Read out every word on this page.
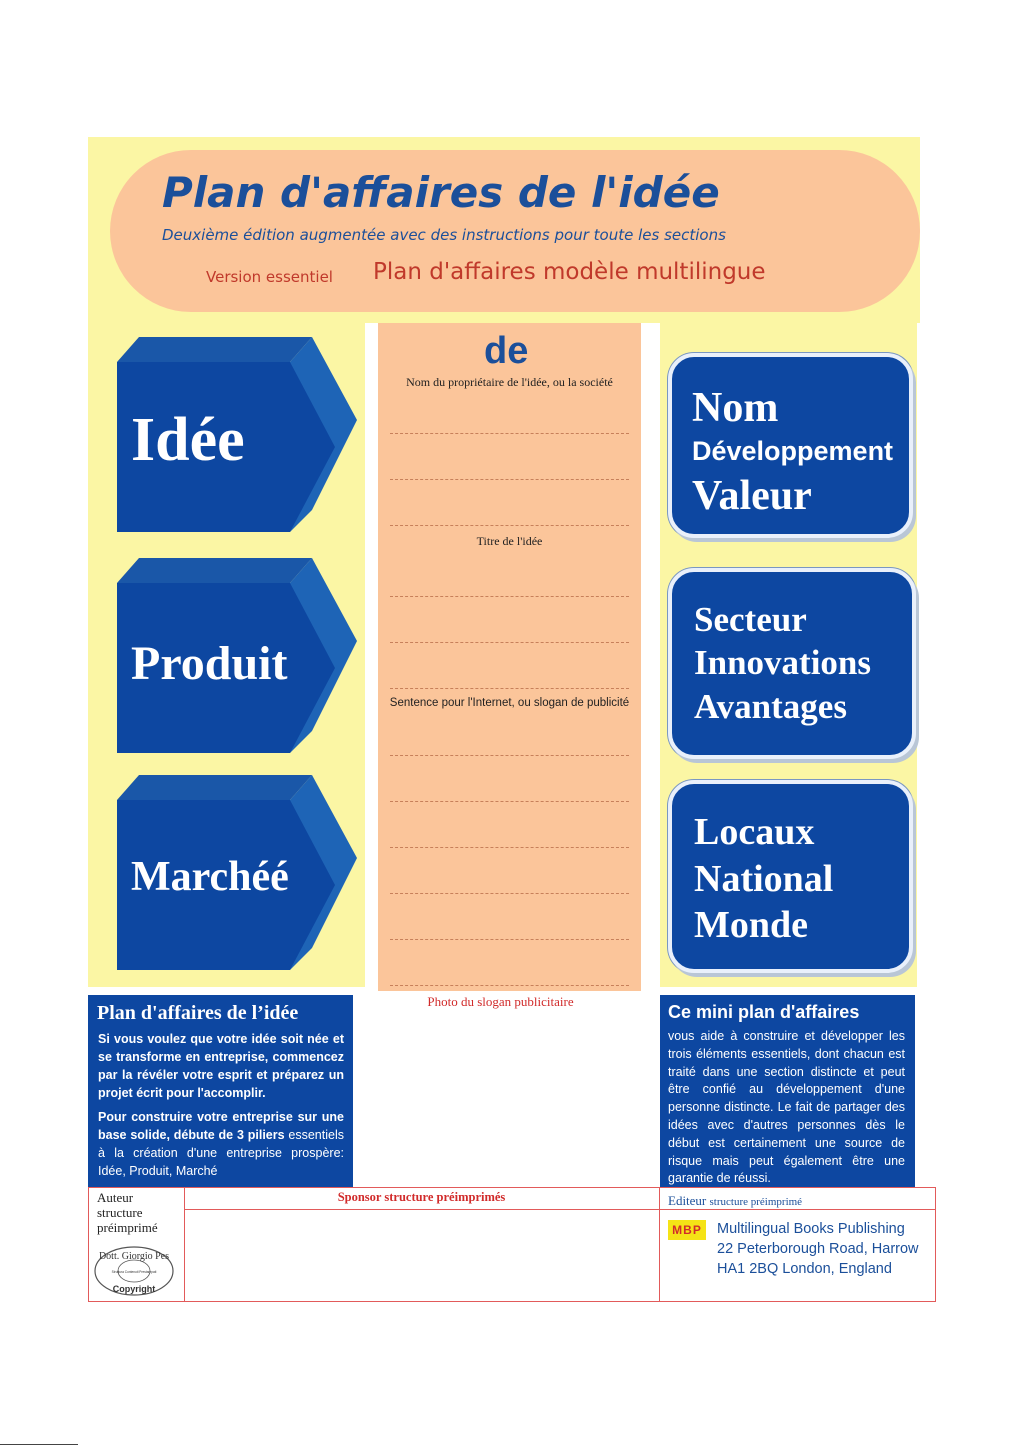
Plan d'affaires de l'idée
Deuxième édition augmentée avec des instructions pour toute les sections
Version essentiel Plan d'affaires modèle multilingue
Idée
Produit
Marchéé
de
Nom du propriétaire de l'idée, ou la société
Titre de l'idée
Sentence pour l'Internet, ou slogan de publicité
Photo du slogan publicitaire
Nom
Développement
Valeur
Secteur
Innovations
Avantages
Locaux
National
Monde
Plan d'affaires de l’idée
Si vous voulez que votre idée soit née et se transforme en entreprise, commencez par la révéler votre esprit et préparez un projet écrit pour l'accomplir.
Pour construire votre entreprise sur une base solide, débute de 3 piliers essentiels à la création d'une entreprise prospère: Idée, Produit, Marché
Ce mini plan d'affaires
vous aide à construire et développer les trois éléments essentiels, dont chacun est traité dans une section distincte et peut être confié au développement d'une personne distincte. Le fait de partager des idées avec d'autres personnes dès le début est certainement une source de risque mais peut également être une garantie de réussi.
Auteur structure préimprimé
Sponsor structure préimprimés	Editeur structure préimprimé
MBP Multilingual Books Publishing
22 Peterborough Road, Harrow
HA1 2BQ London, England
Dott. Giorgio Pes
Struttura Contenuti Prestampati
Copyright
